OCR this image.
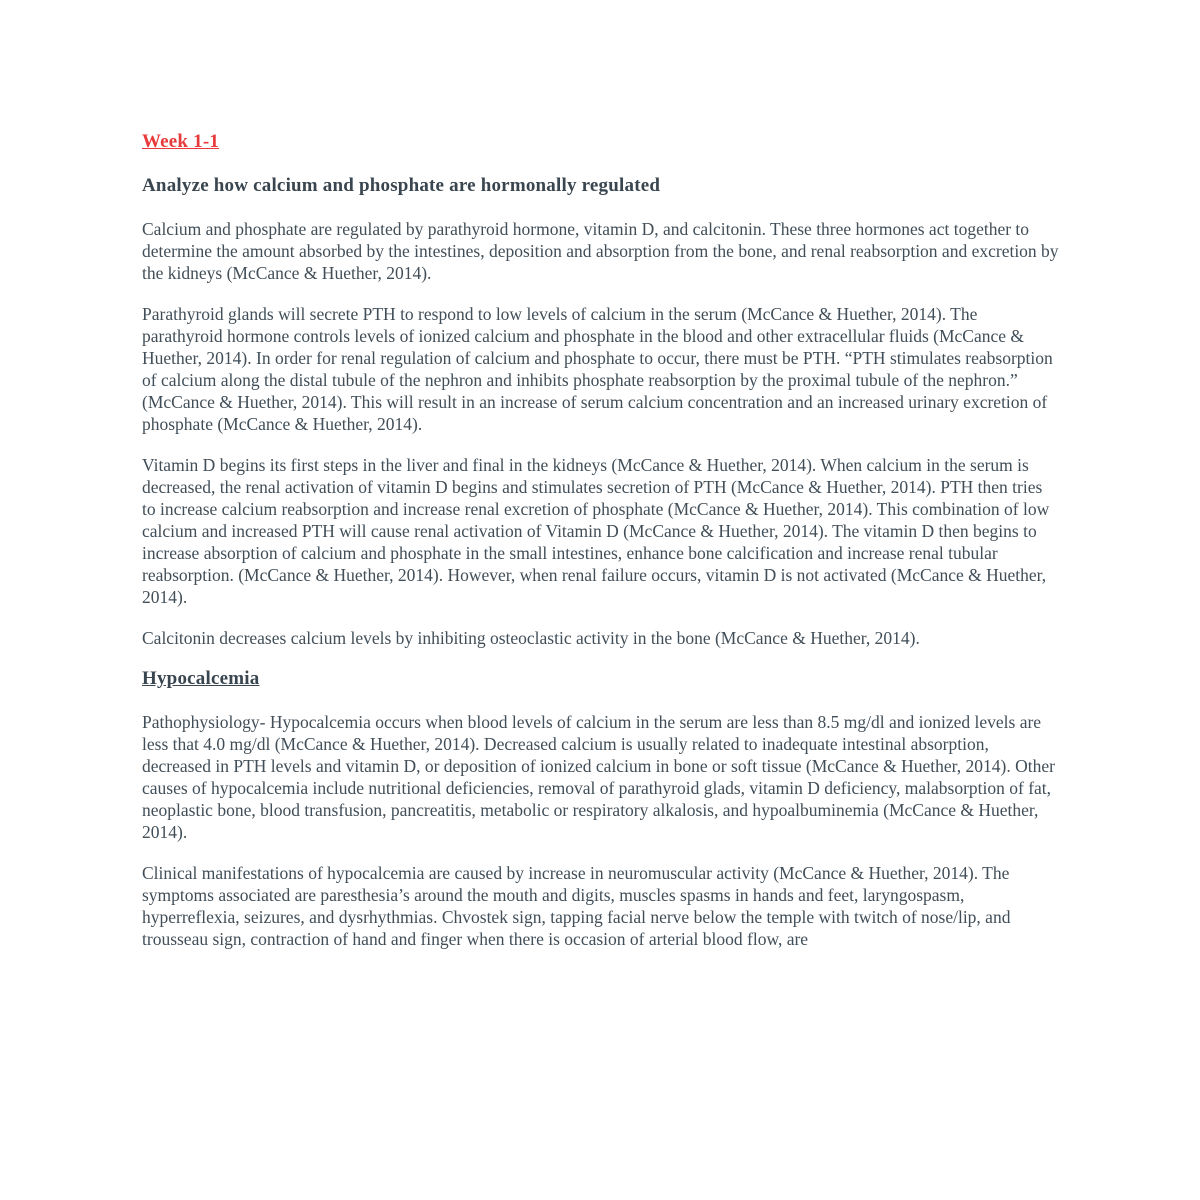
Week 1-1
Analyze how calcium and phosphate are hormonally regulated

Calcium and phosphate are regulated by parathyroid hormone, vitamin D, and calcitonin. These three hormones act together to determine the amount absorbed by the intestines, deposition and absorption from the bone, and renal reabsorption and excretion by the kidneys (McCance & Huether, 2014).

Parathyroid glands will secrete PTH to respond to low levels of calcium in the serum (McCance & Huether, 2014). The parathyroid hormone controls levels of ionized calcium and phosphate in the blood and other extracellular fluids (McCance & Huether, 2014). In order for renal regulation of calcium and phosphate to occur, there must be PTH. “PTH stimulates reabsorption of calcium along the distal tubule of the nephron and inhibits phosphate reabsorption by the proximal tubule of the nephron.” (McCance & Huether, 2014). This will result in an increase of serum calcium concentration and an increased urinary excretion of phosphate (McCance & Huether, 2014).

Vitamin D begins its first steps in the liver and final in the kidneys (McCance & Huether, 2014). When calcium in the serum is decreased, the renal activation of vitamin D begins and stimulates secretion of PTH (McCance & Huether, 2014). PTH then tries to increase calcium reabsorption and increase renal excretion of phosphate (McCance & Huether, 2014). This combination of low calcium and increased PTH will cause renal activation of Vitamin D (McCance & Huether, 2014). The vitamin D then begins to increase absorption of calcium and phosphate in the small intestines, enhance bone calcification and increase renal tubular reabsorption. (McCance & Huether, 2014). However, when renal failure occurs, vitamin D is not activated (McCance & Huether, 2014).

Calcitonin decreases calcium levels by inhibiting osteoclastic activity in the bone (McCance & Huether, 2014).

Hypocalcemia

Pathophysiology- Hypocalcemia occurs when blood levels of calcium in the serum are less than 8.5 mg/dl and ionized levels are less that 4.0 mg/dl (McCance & Huether, 2014). Decreased calcium is usually related to inadequate intestinal absorption, decreased in PTH levels and vitamin D, or deposition of ionized calcium in bone or soft tissue (McCance & Huether, 2014). Other causes of hypocalcemia include nutritional deficiencies, removal of parathyroid glads, vitamin D deficiency, malabsorption of fat, neoplastic bone, blood transfusion, pancreatitis, metabolic or respiratory alkalosis, and hypoalbuminemia (McCance & Huether, 2014).

Clinical manifestations of hypocalcemia are caused by increase in neuromuscular activity (McCance & Huether, 2014). The symptoms associated are paresthesia’s around the mouth and digits, muscles spasms in hands and feet, laryngospasm, hyperreflexia, seizures, and dysrhythmias. Chvostek sign, tapping facial nerve below the temple with twitch of nose/lip, and trousseau sign, contraction of hand and finger when there is occasion of arterial blood flow, are
